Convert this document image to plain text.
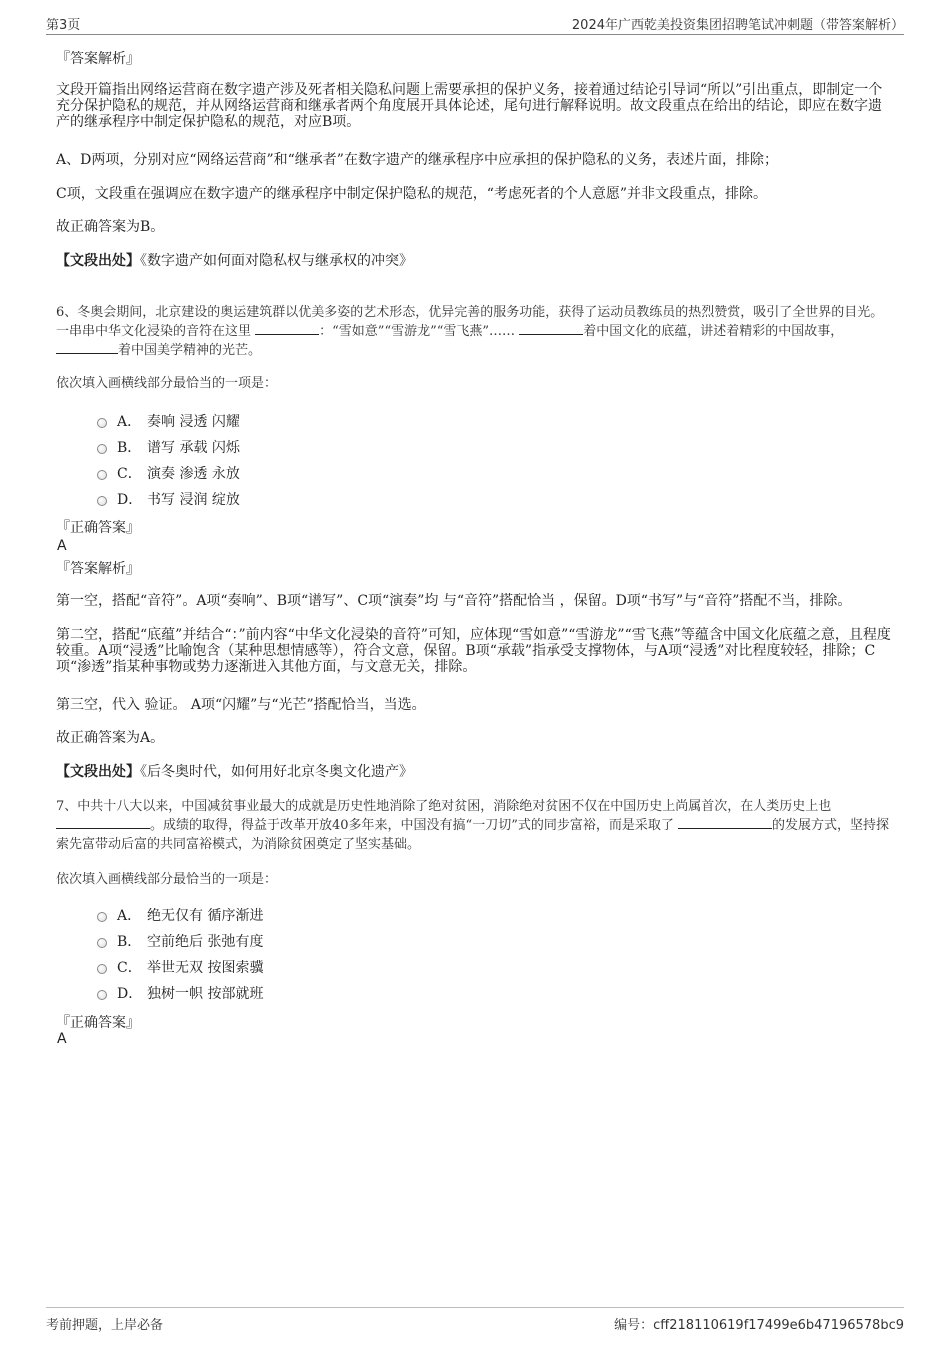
第3页	2024年广西乾美投资集团招聘笔试冲刺题（带答案解析）
『答案解析』
文段开篇指出网络运营商在数字遗产涉及死者相关隐私问题上需要承担的保护义务，接着通过结论引导词“所以”引出重点，即制定一个充分保护隐私的规范，并从网络运营商和继承者两个角度展开具体论述，尾句进行解释说明。故文段重点在给出的结论，即应在数字遗产的继承程序中制定保护隐私的规范，对应B项。
A、D两项，分别对应“网络运营商”和“继承者”在数字遗产的继承程序中应承担的保护隐私的义务，表述片面，排除；
C项，文段重在强调应在数字遗产的继承程序中制定保护隐私的规范，“考虑死者的个人意愿”并非文段重点，排除。
故正确答案为B。
【文段出处】《数字遗产如何面对隐私权与继承权的冲突》
6、冬奥会期间，北京建设的奥运建筑群以优美多姿的艺术形态，优异完善的服务功能，获得了运动员教练员的热烈赞赏，吸引了全世界的目光。一串串中华文化浸染的音符在这里	：“雪如意”“雪游龙”“雪飞燕”……	着中国文化的底蕴，讲述着精彩的中国故事，
着中国美学精神的光芒。
依次填入画横线部分最恰当的一项是：
A． 奏响 浸透 闪耀
B． 谱写 承载 闪烁
C． 演奏 渗透 永放
D． 书写 浸润 绽放
『正确答案』
A
『答案解析』
第一空，搭配“音符”。A项“奏响”、B项“谱写”、C项“演奏”均 与“音符”搭配恰当 ，保留。D项“书写”与“音符”搭配不当，排除。
第二空，搭配“底蕴”并结合“：”前内容“中华文化浸染的音符”可知，应体现“雪如意”“雪游龙”“雪飞燕”等蕴含中国文化底蕴之意，且程度较重。A项“浸透”比喻饱含（某种思想情感等），符合文意，保留。B项“承载”指承受支撑物体，与A项“浸透”对比程度较轻，排除；C项“渗透”指某种事物或势力逐渐进入其他方面，与文意无关，排除。
第三空，代入 验证。 A项“闪耀”与“光芒”搭配恰当，当选。
故正确答案为A。
【文段出处】《后冬奥时代，如何用好北京冬奥文化遗产》
7、中共十八大以来，中国减贫事业最大的成就是历史性地消除了绝对贫困，消除绝对贫困不仅在中国历史上尚属首次，在人类历史上也
。成绩的取得，得益于改革开放40多年来，中国没有搞“一刀切”式的同步富裕，而是采取了	的发展方式，坚持探索先富带动后富的共同富裕模式，为消除贫困奠定了坚实基础。
依次填入画横线部分最恰当的一项是：
A． 绝无仅有 循序渐进
B． 空前绝后 张弛有度
C． 举世无双 按图索骥
D． 独树一帜 按部就班
『正确答案』
A
考前押题，上岸必备	编号：cff218110619f17499e6b47196578bc9
